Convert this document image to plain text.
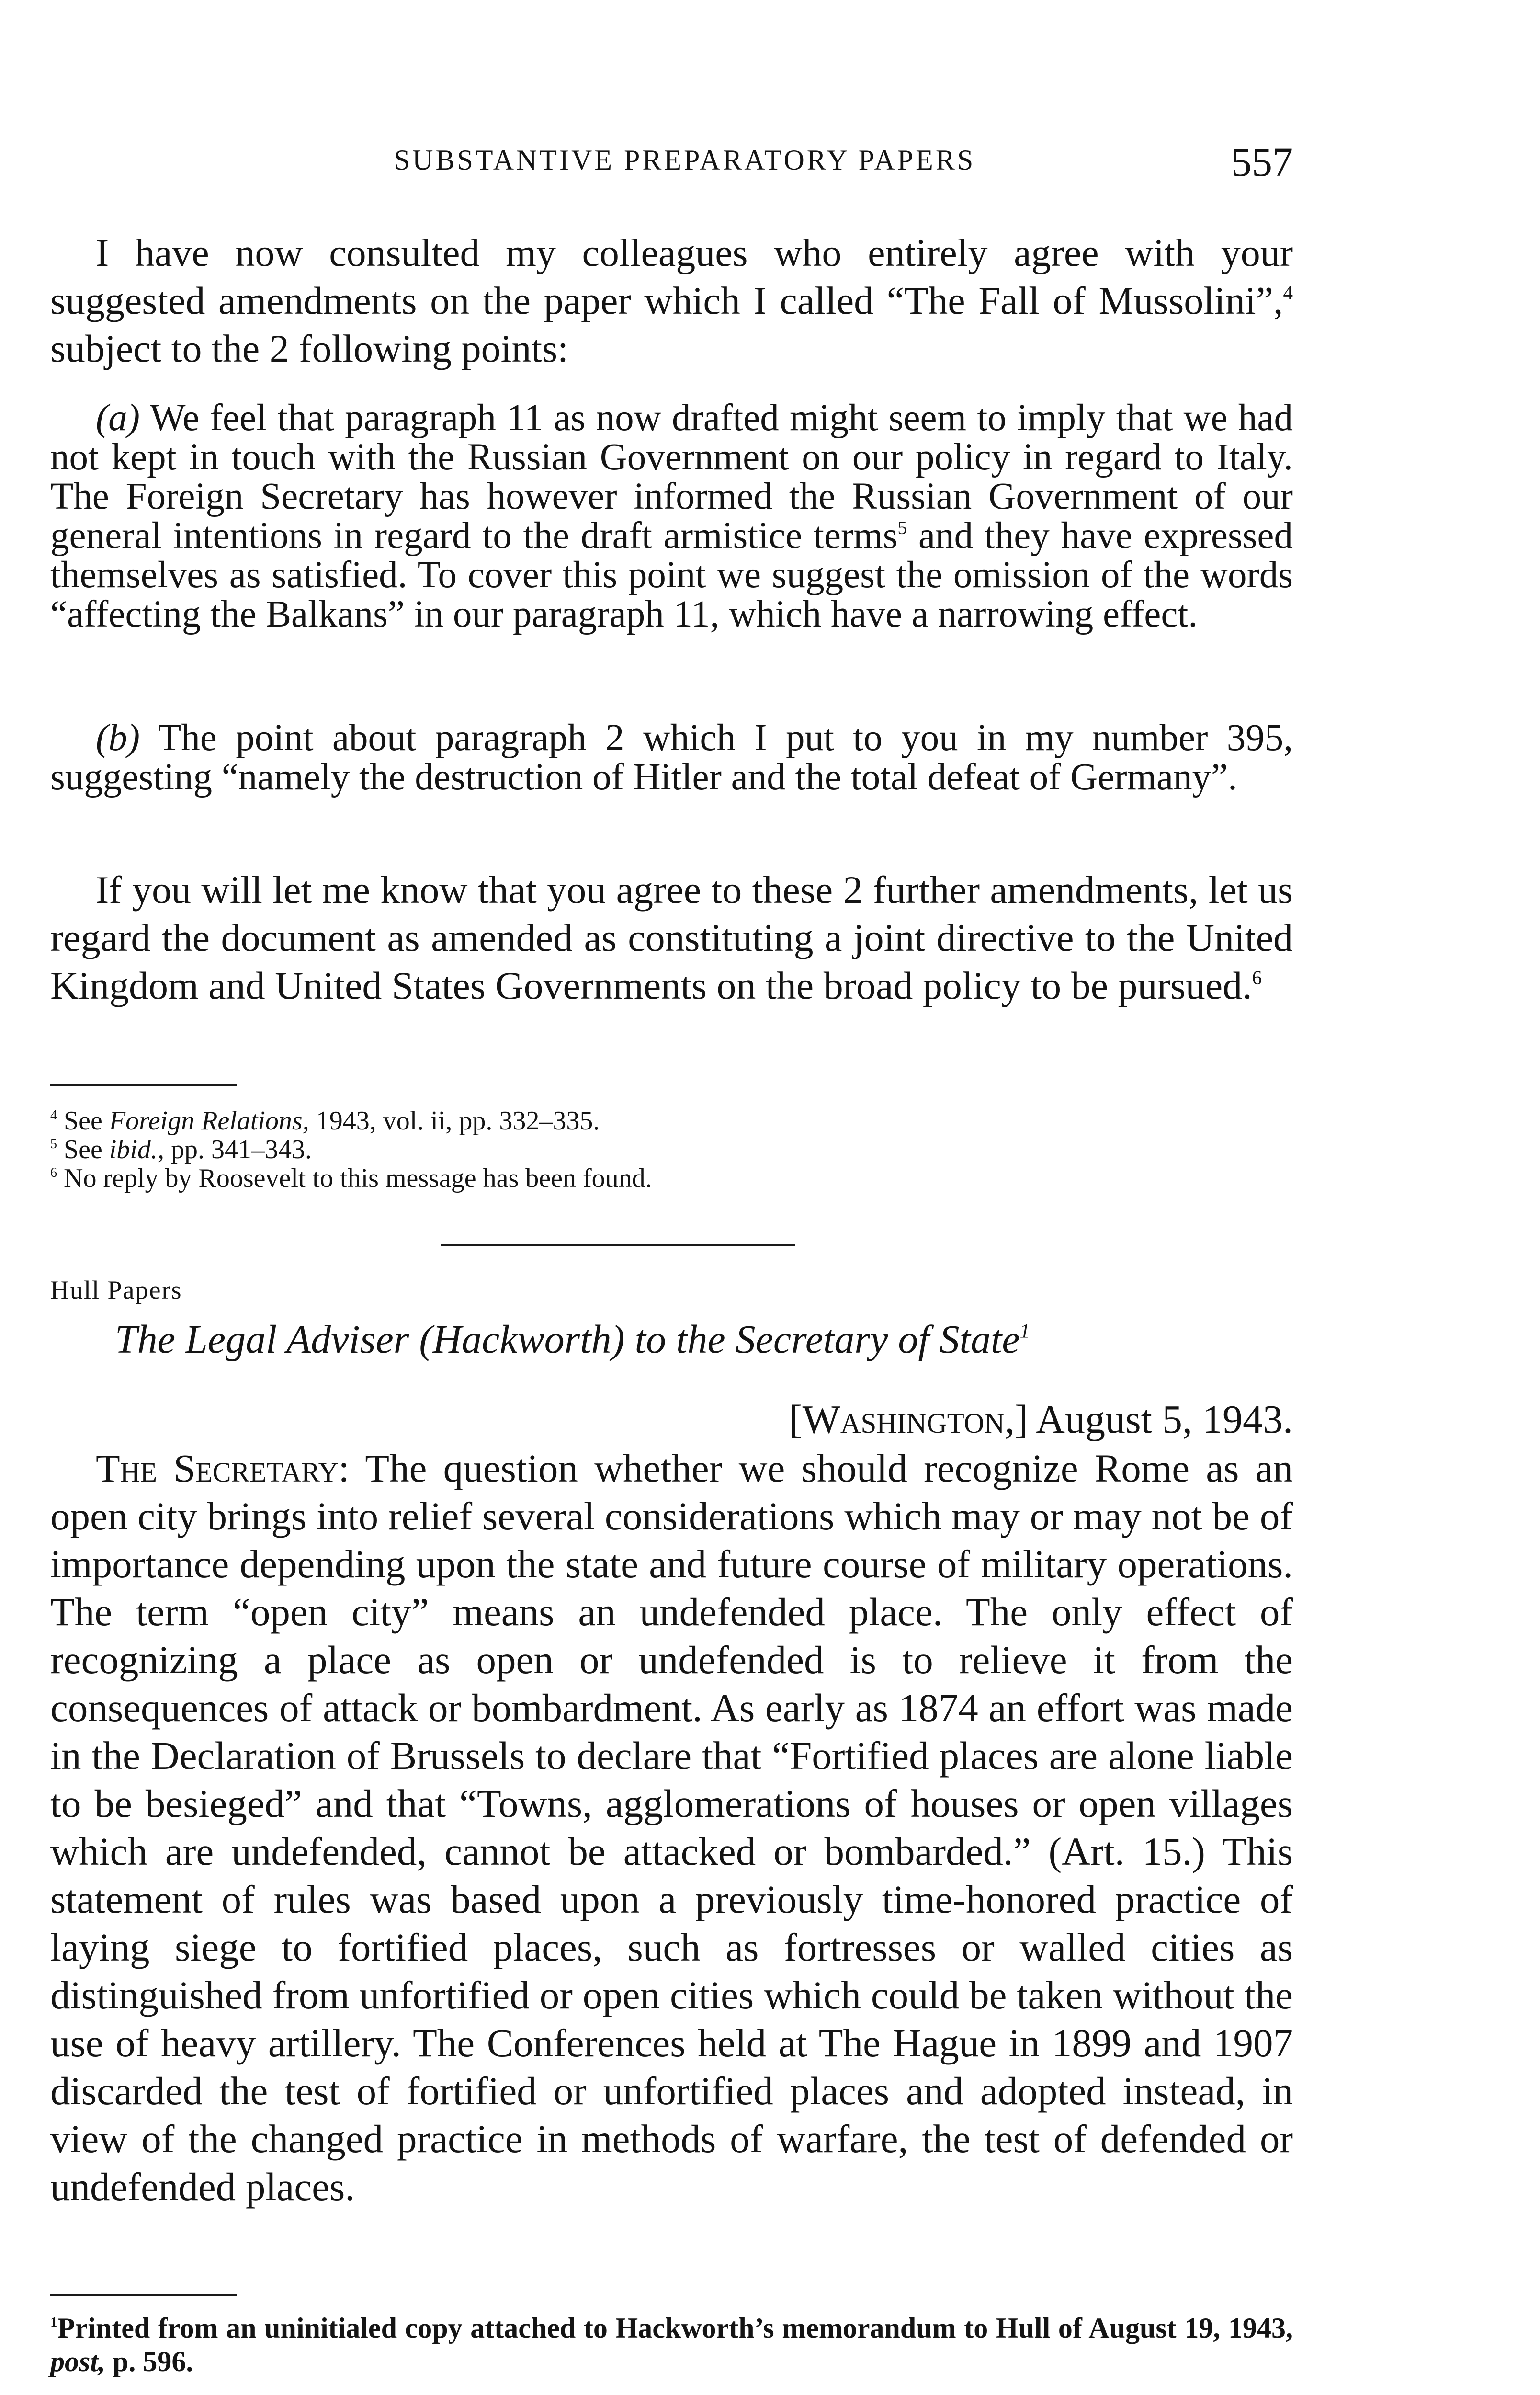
SUBSTANTIVE PREPARATORY PAPERS	557
I have now consulted my colleagues who entirely agree with your suggested amendments on the paper which I called “The Fall of Mussolini”,$^4$ subject to the 2 following points:
(a) We feel that paragraph 11 as now drafted might seem to imply that we had not kept in touch with the Russian Government on our policy in regard to Italy. The Foreign Secretary has however informed the Russian Government of our general intentions in regard to the draft armistice terms$^5$ and they have expressed themselves as satisfied. To cover this point we suggest the omission of the words “affecting the Balkans” in our paragraph 11, which have a narrowing effect.
(b) The point about paragraph 2 which I put to you in my number 395, suggesting “namely the destruction of Hitler and the total defeat of Germany”.
If you will let me know that you agree to these 2 further amendments, let us regard the document as amended as constituting a joint directive to the United Kingdom and United States Governments on the broad policy to be pursued.$^6$
$^4$ See Foreign Relations, 1943, vol. ii, pp. 332–335.
$^5$ See ibid., pp. 341–343.
$^6$ No reply by Roosevelt to this message has been found.
Hull Papers
The Legal Adviser (Hackworth) to the Secretary of State$^1$
[Washington,] August 5, 1943.
The Secretary: The question whether we should recognize Rome as an open city brings into relief several considerations which may or may not be of importance depending upon the state and future course of military operations. The term “open city” means an undefended place. The only effect of recognizing a place as open or undefended is to relieve it from the consequences of attack or bombardment. As early as 1874 an effort was made in the Declaration of Brussels to declare that “Fortified places are alone liable to be besieged” and that “Towns, agglomerations of houses or open villages which are undefended, cannot be attacked or bombarded.” (Art. 15.) This statement of rules was based upon a previously time-honored practice of laying siege to fortified places, such as fortresses or walled cities as distinguished from unfortified or open cities which could be taken without the use of heavy artillery. The Conferences held at The Hague in 1899 and 1907 discarded the test of fortified or unfortified places and adopted instead, in view of the changed practice in methods of warfare, the test of defended or undefended places.
$^1$Printed from an uninitialed copy attached to Hackworth’s memorandum to Hull of August 19, 1943, post, p. 596.
